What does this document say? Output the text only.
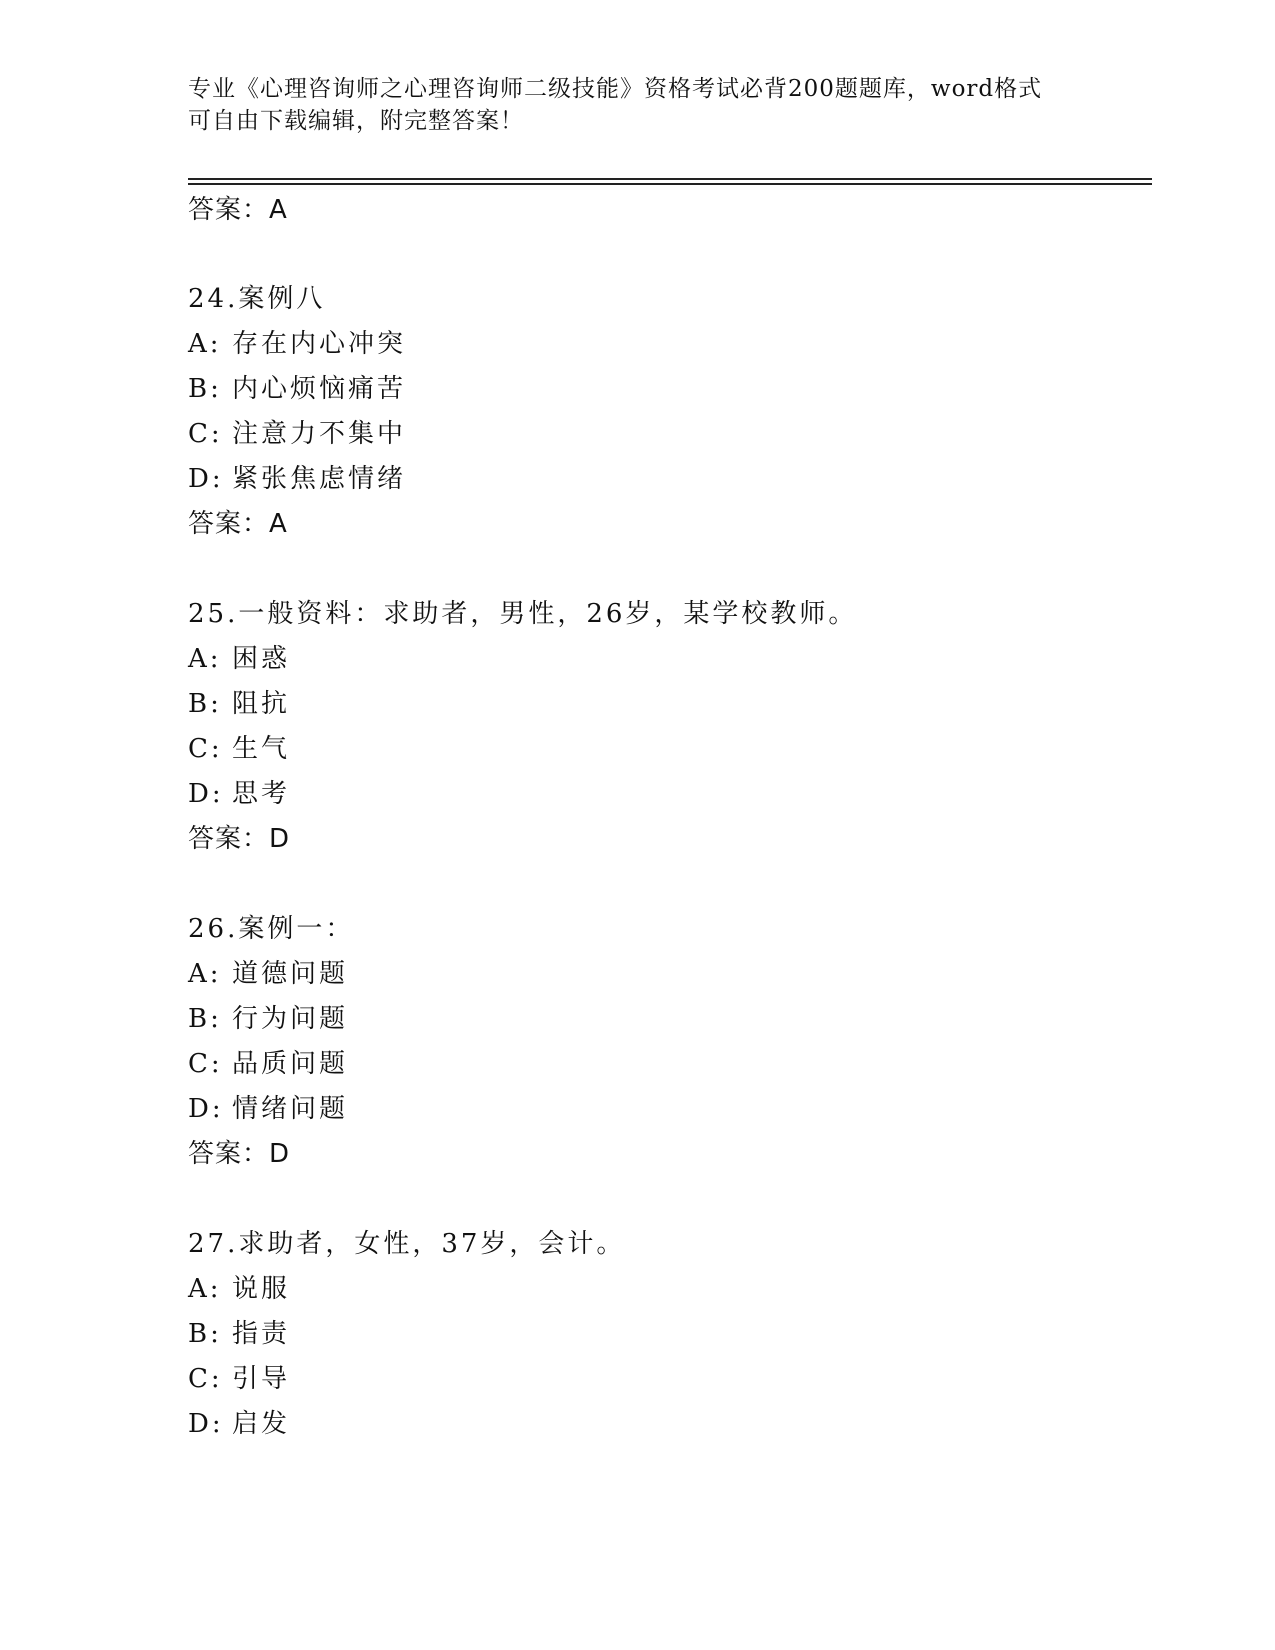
专业《心理咨询师之心理咨询师二级技能》资格考试必背200题题库，word格式
可自由下载编辑，附完整答案！
答案：A
24.案例八
A: 存在内心冲突
B: 内心烦恼痛苦
C: 注意力不集中
D: 紧张焦虑情绪
答案：A
25.一般资料：求助者，男性，26岁，某学校教师。
A: 困惑
B: 阻抗
C: 生气
D: 思考
答案：D
26.案例一：
A: 道德问题
B: 行为问题
C: 品质问题
D: 情绪问题
答案：D
27.求助者，女性，37岁，会计。
A: 说服
B: 指责
C: 引导
D: 启发
